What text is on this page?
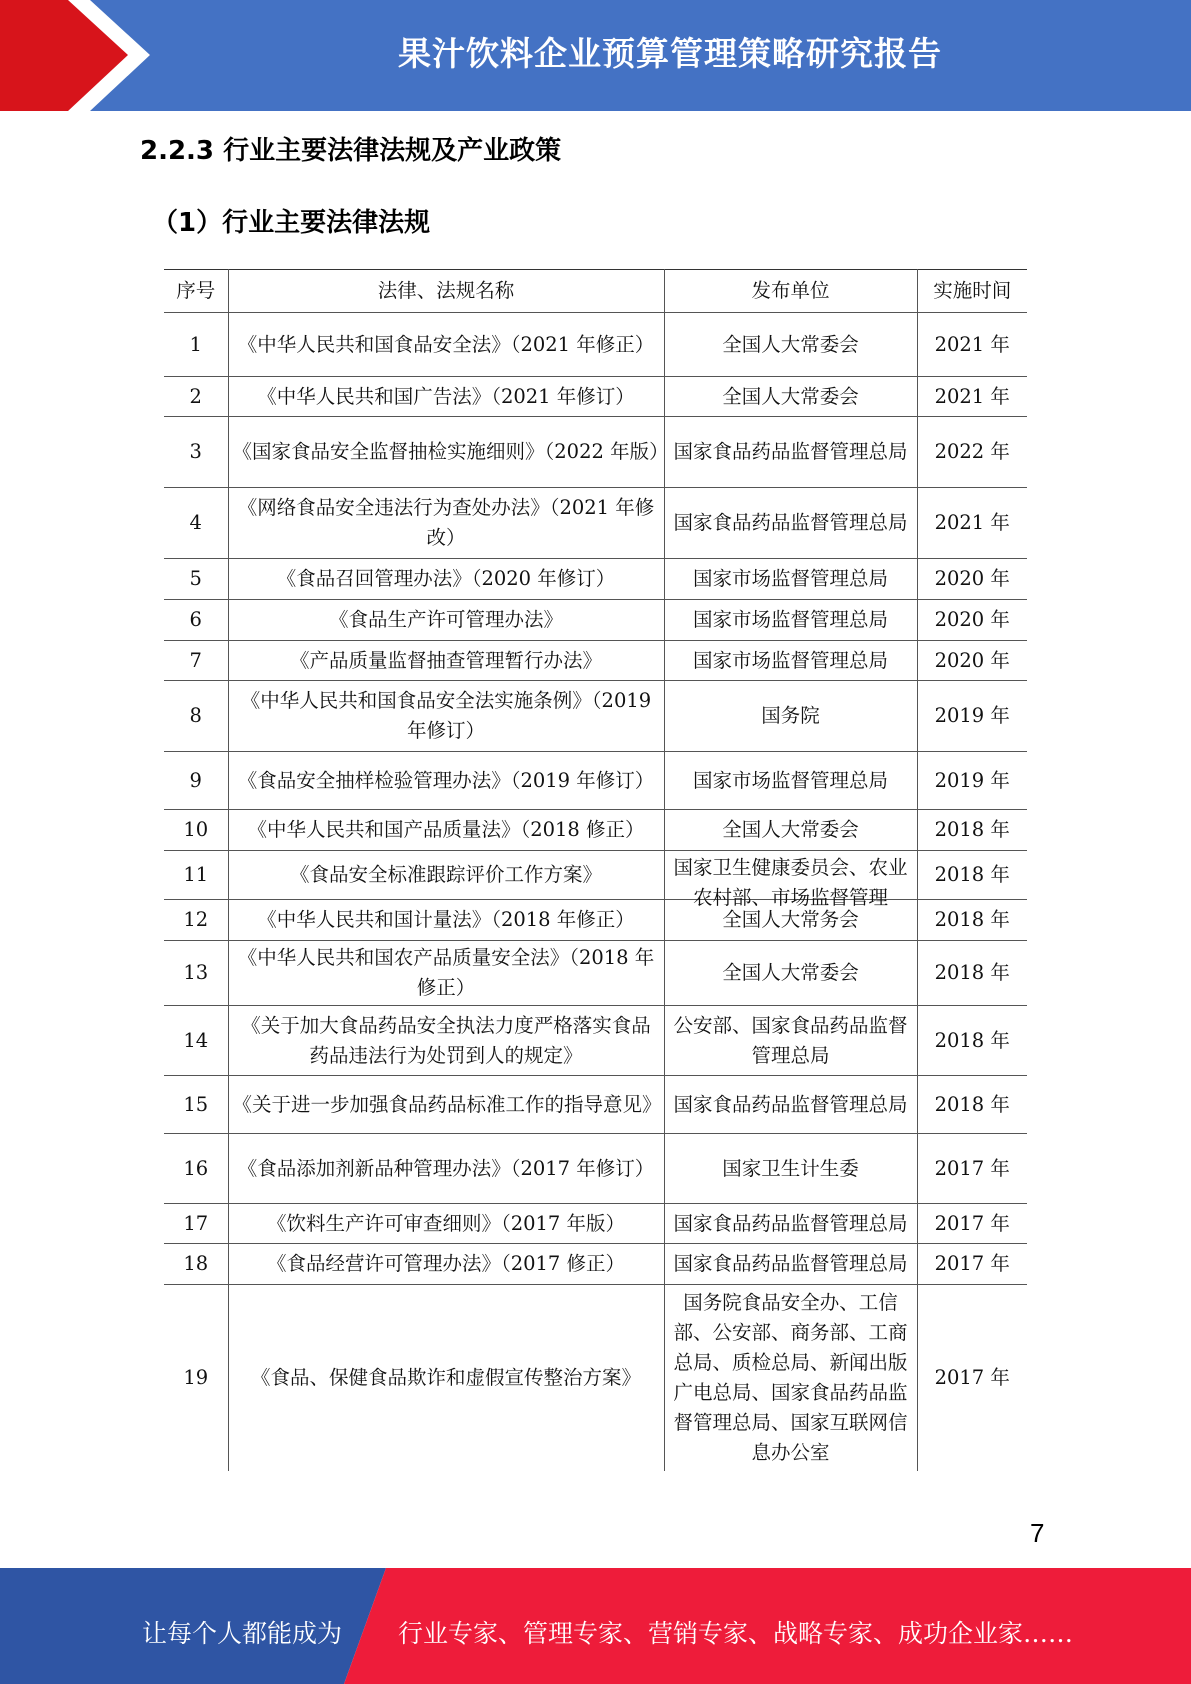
果汁饮料企业预算管理策略研究报告
2.2.3 行业主要法律法规及产业政策
（1）行业主要法律法规
序号	法律、法规名称	发布单位	实施时间
1	《中华人民共和国食品安全法》（2021 年修正）	全国人大常委会	2021 年
2	《中华人民共和国广告法》（2021 年修订）	全国人大常委会	2021 年
3	《国家食品安全监督抽检实施细则》（2022 年版）	国家食品药品监督管理总局	2022 年
4	《网络食品安全违法行为查处办法》（2021 年修改）	国家食品药品监督管理总局	2021 年
5	《食品召回管理办法》（2020 年修订）	国家市场监督管理总局	2020 年
6	《食品生产许可管理办法》	国家市场监督管理总局	2020 年
7	《产品质量监督抽查管理暂行办法》	国家市场监督管理总局	2020 年
8	《中华人民共和国食品安全法实施条例》（2019 年修订）	国务院	2019 年
9	《食品安全抽样检验管理办法》（2019 年修订）	国家市场监督管理总局	2019 年
10	《中华人民共和国产品质量法》（2018 修正）	全国人大常委会	2018 年
11	《食品安全标准跟踪评价工作方案》	国家卫生健康委员会、农业农村部、市场监督管理	2018 年
12	《中华人民共和国计量法》（2018 年修正）	全国人大常务会	2018 年
13	《中华人民共和国农产品质量安全法》（2018 年修正）	全国人大常委会	2018 年
14	《关于加大食品药品安全执法力度严格落实食品药品违法行为处罚到人的规定》	公安部、国家食品药品监督管理总局	2018 年
15	《关于进一步加强食品药品标准工作的指导意见》	国家食品药品监督管理总局	2018 年
16	《食品添加剂新品种管理办法》（2017 年修订）	国家卫生计生委	2017 年
17	《饮料生产许可审查细则》（2017 年版）	国家食品药品监督管理总局	2017 年
18	《食品经营许可管理办法》（2017 修正）	国家食品药品监督管理总局	2017 年
19	《食品、保健食品欺诈和虚假宣传整治方案》	国务院食品安全办、工信部、公安部、商务部、工商总局、质检总局、新闻出版广电总局、国家食品药品监督管理总局、国家互联网信息办公室	2017 年
7
让每个人都能成为 行业专家、管理专家、营销专家、战略专家、成功企业家……
